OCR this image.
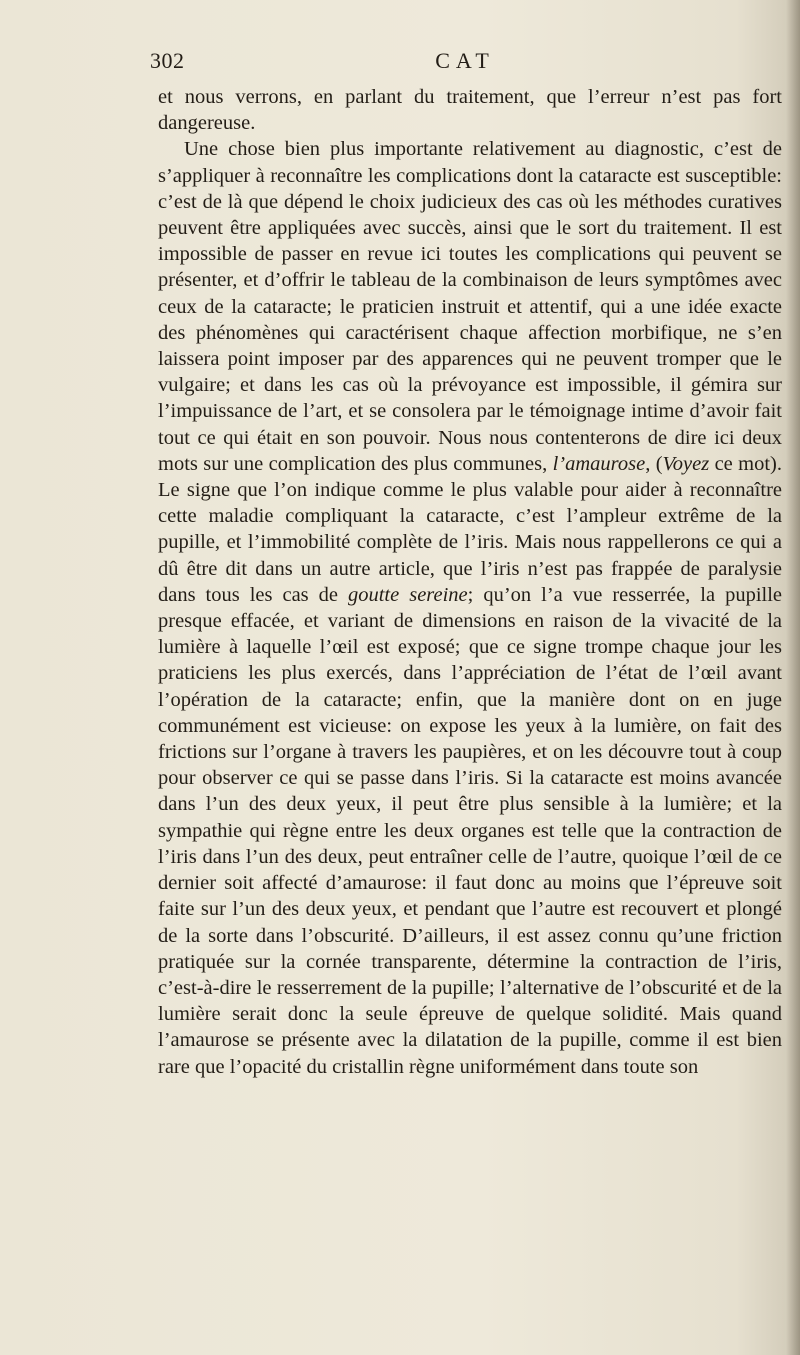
302	CAT

et nous verrons, en parlant du traitement, que l’erreur n’est pas fort dangereuse.

Une chose bien plus importante relativement au diagnostic, c’est de s’appliquer à reconnaître les complications dont la cataracte est susceptible: c’est de là que dépend le choix judicieux des cas où les méthodes curatives peuvent être appliquées avec succès, ainsi que le sort du traitement. Il est impossible de passer en revue ici toutes les complications qui peuvent se présenter, et d’offrir le tableau de la combinaison de leurs symptômes avec ceux de la cataracte; le praticien instruit et attentif, qui a une idée exacte des phénomènes qui caractérisent chaque affection morbifique, ne s’en laissera point imposer par des apparences qui ne peuvent tromper que le vulgaire; et dans les cas où la prévoyance est impossible, il gémira sur l’impuissance de l’art, et se consolera par le témoignage intime d’avoir fait tout ce qui était en son pouvoir. Nous nous contenterons de dire ici deux mots sur une complication des plus communes, l’amaurose, (Voyez ce mot). Le signe que l’on indique comme le plus valable pour aider à reconnaître cette maladie compliquant la cataracte, c’est l’ampleur extrême de la pupille, et l’immobilité complète de l’iris. Mais nous rappellerons ce qui a dû être dit dans un autre article, que l’iris n’est pas frappée de paralysie dans tous les cas de goutte sereine; qu’on l’a vue resserrée, la pupille presque effacée, et variant de dimensions en raison de la vivacité de la lumière à laquelle l’œil est exposé; que ce signe trompe chaque jour les praticiens les plus exercés, dans l’appréciation de l’état de l’œil avant l’opération de la cataracte; enfin, que la manière dont on en juge communément est vicieuse: on expose les yeux à la lumière, on fait des frictions sur l’organe à travers les paupières, et on les découvre tout à coup pour observer ce qui se passe dans l’iris. Si la cataracte est moins avancée dans l’un des deux yeux, il peut être plus sensible à la lumière; et la sympathie qui règne entre les deux organes est telle que la contraction de l’iris dans l’un des deux, peut entraîner celle de l’autre, quoique l’œil de ce dernier soit affecté d’amaurose: il faut donc au moins que l’épreuve soit faite sur l’un des deux yeux, et pendant que l’autre est recouvert et plongé de la sorte dans l’obscurité. D’ailleurs, il est assez connu qu’une friction pratiquée sur la cornée transparente, détermine la contraction de l’iris, c’est-à-dire le resserrement de la pupille; l’alternative de l’obscurité et de la lumière serait donc la seule épreuve de quelque solidité. Mais quand l’amaurose se présente avec la dilatation de la pupille, comme il est bien rare que l’opacité du cristallin règne uniformément dans toute son
